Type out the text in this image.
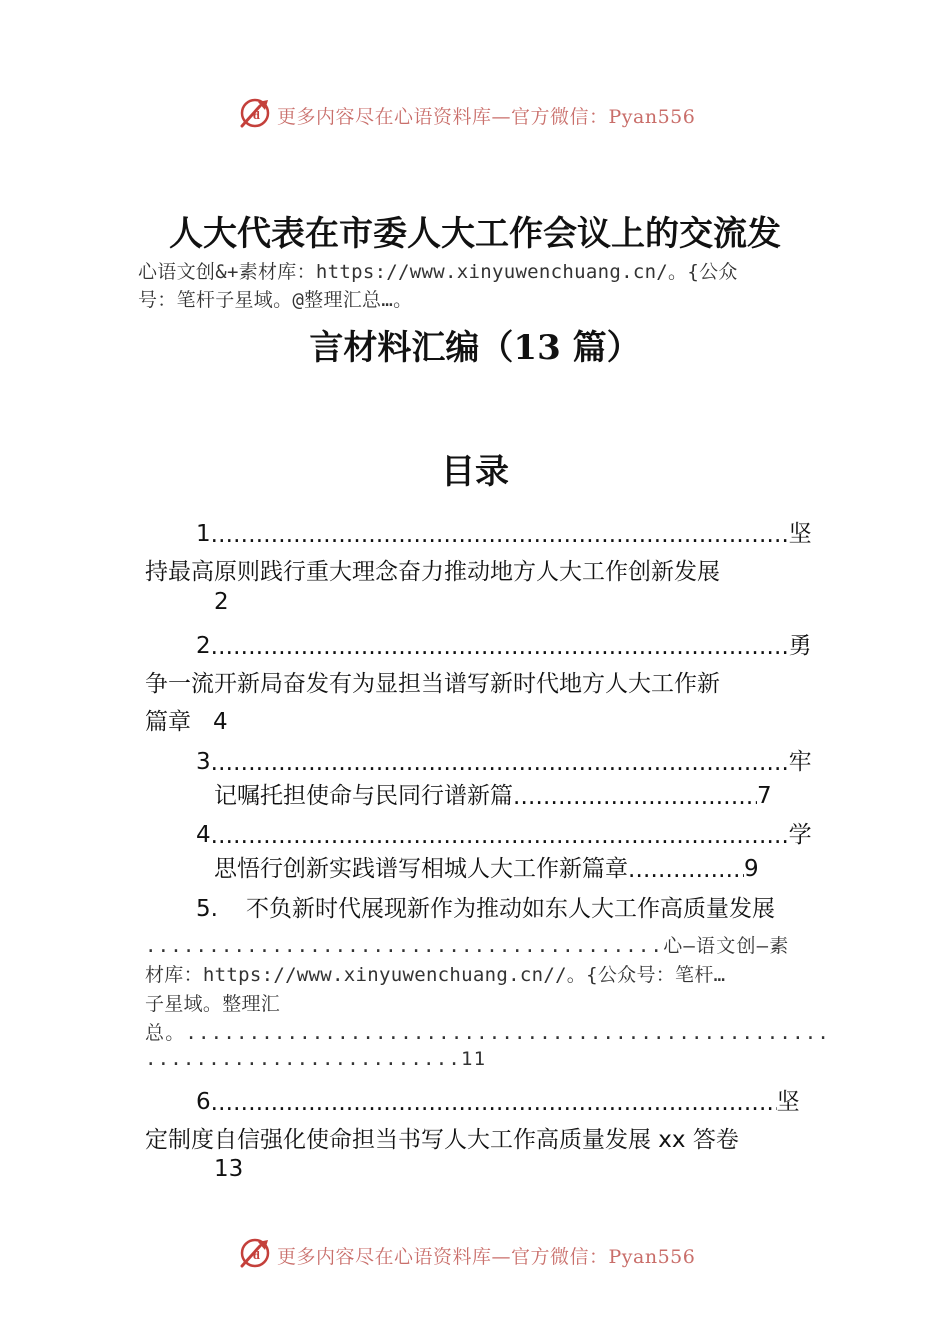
d 更多内容尽在心语资料库—官方微信：Pyan556
人大代表在市委人大工作会议上的交流发
心语文创&+素材库：https://www.xinyuwenchuang.cn/。{公众
号：笔杆子星域。@整理汇总…。
言材料汇编（13 篇）
目录
1 .....	坚
持最高原则践行重大理念奋力推动地方人大工作创新发展
2
2 .....	勇
争一流开新局奋发有为显担当谱写新时代地方人大工作新
篇章 4
3 .....	牢
记嘱托担使命与民同行谱新篇 .....	7
4 .....	学
思悟行创新实践谱写相城人大工作新篇章 .....	9
5. 不负新时代展现新作为推动如东人大工作高质量发展
.........................................心—语文创—素
材库：https://www.xinyuwenchuang.cn//。{公众号：笔杆…
子星域。整理汇
总。...................................................
.........................11
6 .....	坚
定制度自信强化使命担当书写人大工作高质量发展 xx 答卷
13
d 更多内容尽在心语资料库—官方微信：Pyan556
